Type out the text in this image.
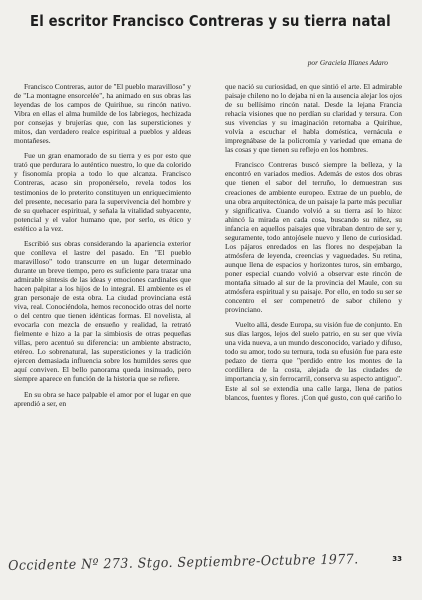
El escritor Francisco Contreras y su tierra natal
por Graciela Illanes Adaro

Francisco Contreras, autor de "El pueblo maravilloso" y de "La montagne ensorcelée", ha animado en sus obras las leyendas de los campos de Quirihue, su rincón nativo. Vibra en ellas el alma humilde de los labriegos, hechizada por consejas y brujerías que, con las supersticiones y mitos, dan verdadero realce espiritual a pueblos y aldeas montañeses.

Fue un gran enamorado de su tierra y es por esto que trató que perdurara lo auténtico nuestro, lo que da colorido y fisonomía propia a todo lo que alcanza. Francisco Contreras, acaso sin proponérselo, revela todos los testimonios de lo preterito constituyen un enriquecimiento del presente, necesario para la supervivencia del hombre y de su quehacer espiritual, y señala la vitalidad subyacente, potencial y el valor humano que, por serlo, es ético y estético a la vez.

Escribió sus obras considerando la apariencia exterior que conlleva el lastre del pasado. En "El pueblo maravilloso" todo transcurre en un lugar determinado durante un breve tiempo, pero es suficiente para trazar una admirable síntesis de las ideas y emociones cardinales que hacen palpitar a los hijos de lo integral. El ambiente es el gran personaje de esta obra. La ciudad provinciana está viva, real. Conociéndola, hemos reconocido otras del norte o del centro que tienen idénticas formas. El novelista, al evocarla con mezcla de ensueño y realidad, la retrató fielmente e hizo a la par la simbiosis de otras pequeñas villas, pero acentuó su diferencia: un ambiente abstracto, etéreo. Lo sobrenatural, las supersticiones y la tradición ejercen demasiada influencia sobre los humildes seres que aquí conviven. El bello panorama queda insinuado, pero siempre aparece en función de la historia que se refiere.

En su obra se hace palpable el amor por el lugar en que aprendió a ser, en

que nació su curiosidad, en que sintió el arte. El admirable paisaje chileno no lo dejaba ni en la ausencia alejar los ojos de su bellísimo rincón natal. Desde la lejana Francia rehacía visiones que no perdían su claridad y tersura. Con sus vivencias y su imaginación retornaba a Quirihue, volvía a escuchar el habla doméstica, vernácula e impregnábase de la policromía y variedad que emana de las cosas y que tienen su reflejo en los hombres.

Francisco Contreras buscó siempre la belleza, y la encontró en variados medios. Además de estos dos obras que tienen el sabor del terruño, lo demuestran sus creaciones de ambiente europeo. Extrae de un pueblo, de una obra arquitectónica, de un paisaje la parte más peculiar y significativa. Cuando volvió a su tierra así lo hizo: ahincó la mirada en cada cosa, buscando su niñez, su infancia en aquellos paisajes que vibraban dentro de ser y, seguramente, todo antojósele nuevo y lleno de curiosidad. Los pájaros enredados en las flores no despejaban la atmósfera de leyenda, creencias y vaguedades. Su retina, aunque llena de espacios y horizontes turos, sin embargo, poner especial cuando volvió a observar este rincón de montaña situado al sur de la provincia del Maule, con su atmósfera espiritual y su paisaje. Por ello, en todo su ser se concentro el ser compenetró de sabor chileno y provinciano.

Vuelto allá, desde Europa, su visión fue de conjunto. En sus días largos, lejos del suelo patrio, en su ser que vivía una vida nueva, a un mundo desconocido, variado y difuso, todo su amor, todo su ternura, toda su efusión fue para este pedazo de tierra que "perdido entre los montes de la cordillera de la costa, alejada de las ciudades de importancia y, sin ferrocarril, conserva su aspecto antiguo". Este al sol se extendía una calle larga, llena de patios blancos, fuentes y flores. ¡Con qué gusto, con qué cariño lo

33
Occidente Nº 273. Stgo. Septiembre-Octubre 1977.
